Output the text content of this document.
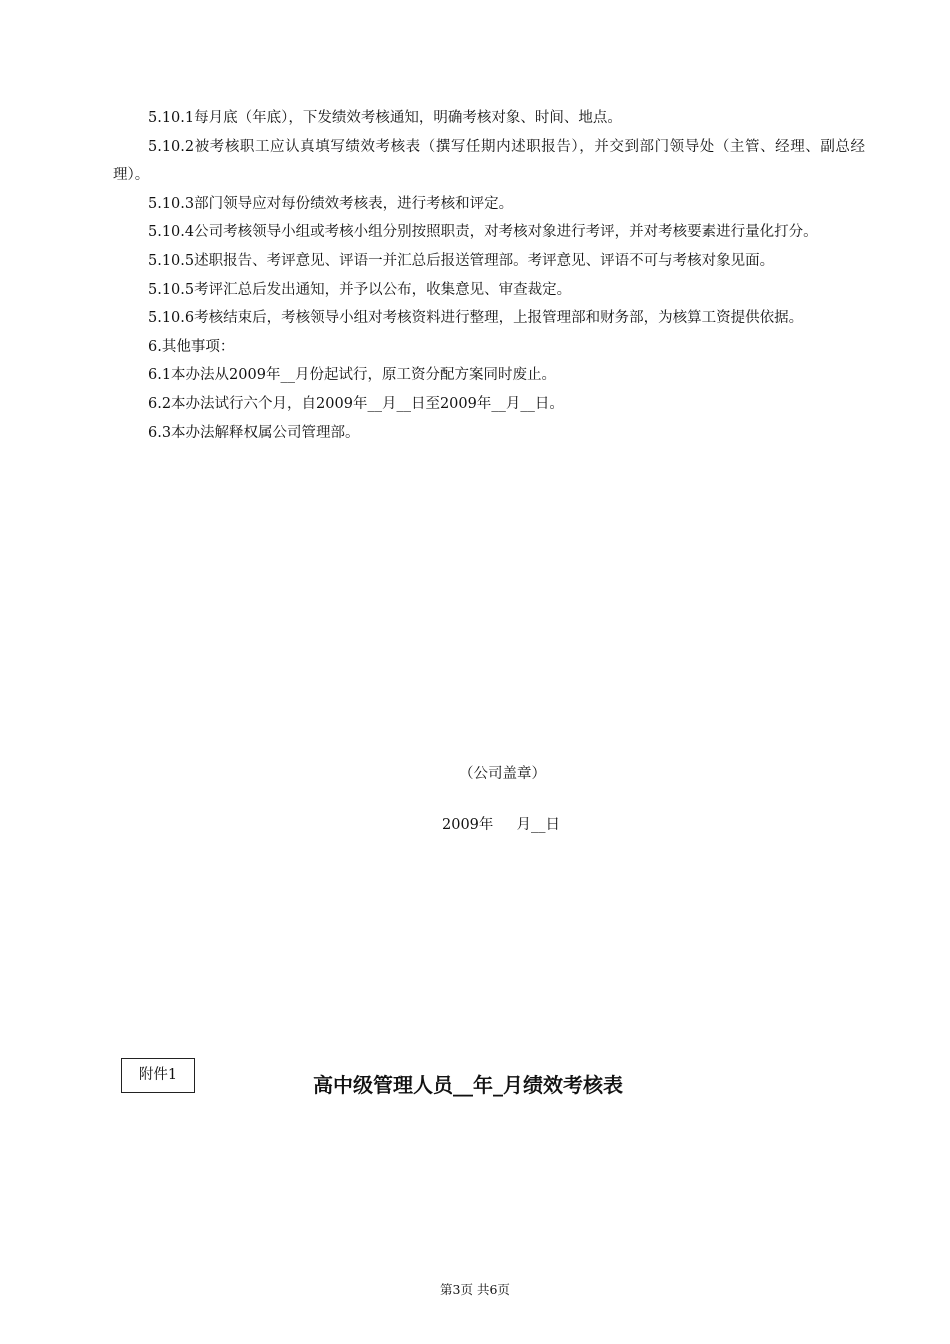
5.10.1每月底（年底），下发绩效考核通知，明确考核对象、时间、地点。

5.10.2被考核职工应认真填写绩效考核表（撰写任期内述职报告），并交到部门领导处（主管、经理、副总经理）。

5.10.3部门领导应对每份绩效考核表，进行考核和评定。

5.10.4公司考核领导小组或考核小组分别按照职责，对考核对象进行考评，并对考核要素进行量化打分。

5.10.5述职报告、考评意见、评语一并汇总后报送管理部。考评意见、评语不可与考核对象见面。

5.10.5考评汇总后发出通知，并予以公布，收集意见、审查裁定。

5.10.6考核结束后，考核领导小组对考核资料进行整理，上报管理部和财务部，为核算工资提供依据。

6.其他事项：

6.1本办法从2009年__月份起试行，原工资分配方案同时废止。

6.2本办法试行六个月，自2009年__月__日至2009年__月__日。

6.3本办法解释权属公司管理部。

（公司盖章）
2009年     月__日
附件1	高中级管理人员__年_月绩效考核表
第3页 共6页
